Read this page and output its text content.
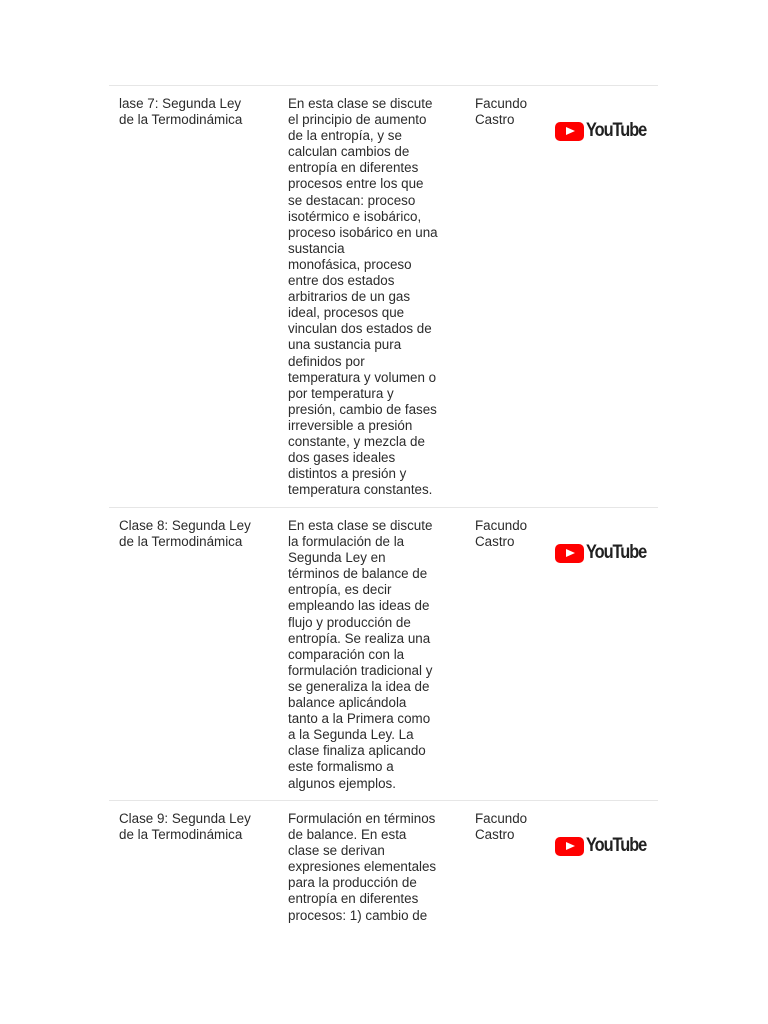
lase 7: Segunda Ley
de la Termodinámica
En esta clase se discute
el principio de aumento
de la entropía, y se
calculan cambios de
entropía en diferentes
procesos entre los que
se destacan: proceso
isotérmico e isobárico,
proceso isobárico en una
sustancia
monofásica, proceso
entre dos estados
arbitrarios de un gas
ideal, procesos que
vinculan dos estados de
una sustancia pura
definidos por
temperatura y volumen o
por temperatura y
presión, cambio de fases
irreversible a presión
constante, y mezcla de
dos gases ideales
distintos a presión y
temperatura constantes.
Facundo
Castro

YouTube

Clase 8: Segunda Ley
de la Termodinámica
En esta clase se discute
la formulación de la
Segunda Ley en
términos de balance de
entropía, es decir
empleando las ideas de
flujo y producción de
entropía. Se realiza una
comparación con la
formulación tradicional y
se generaliza la idea de
balance aplicándola
tanto a la Primera como
a la Segunda Ley. La
clase finaliza aplicando
este formalismo a
algunos ejemplos.
Facundo
Castro

YouTube

Clase 9: Segunda Ley
de la Termodinámica
Formulación en términos
de balance. En esta
clase se derivan
expresiones elementales
para la producción de
entropía en diferentes
procesos: 1) cambio de
Facundo
Castro

YouTube
